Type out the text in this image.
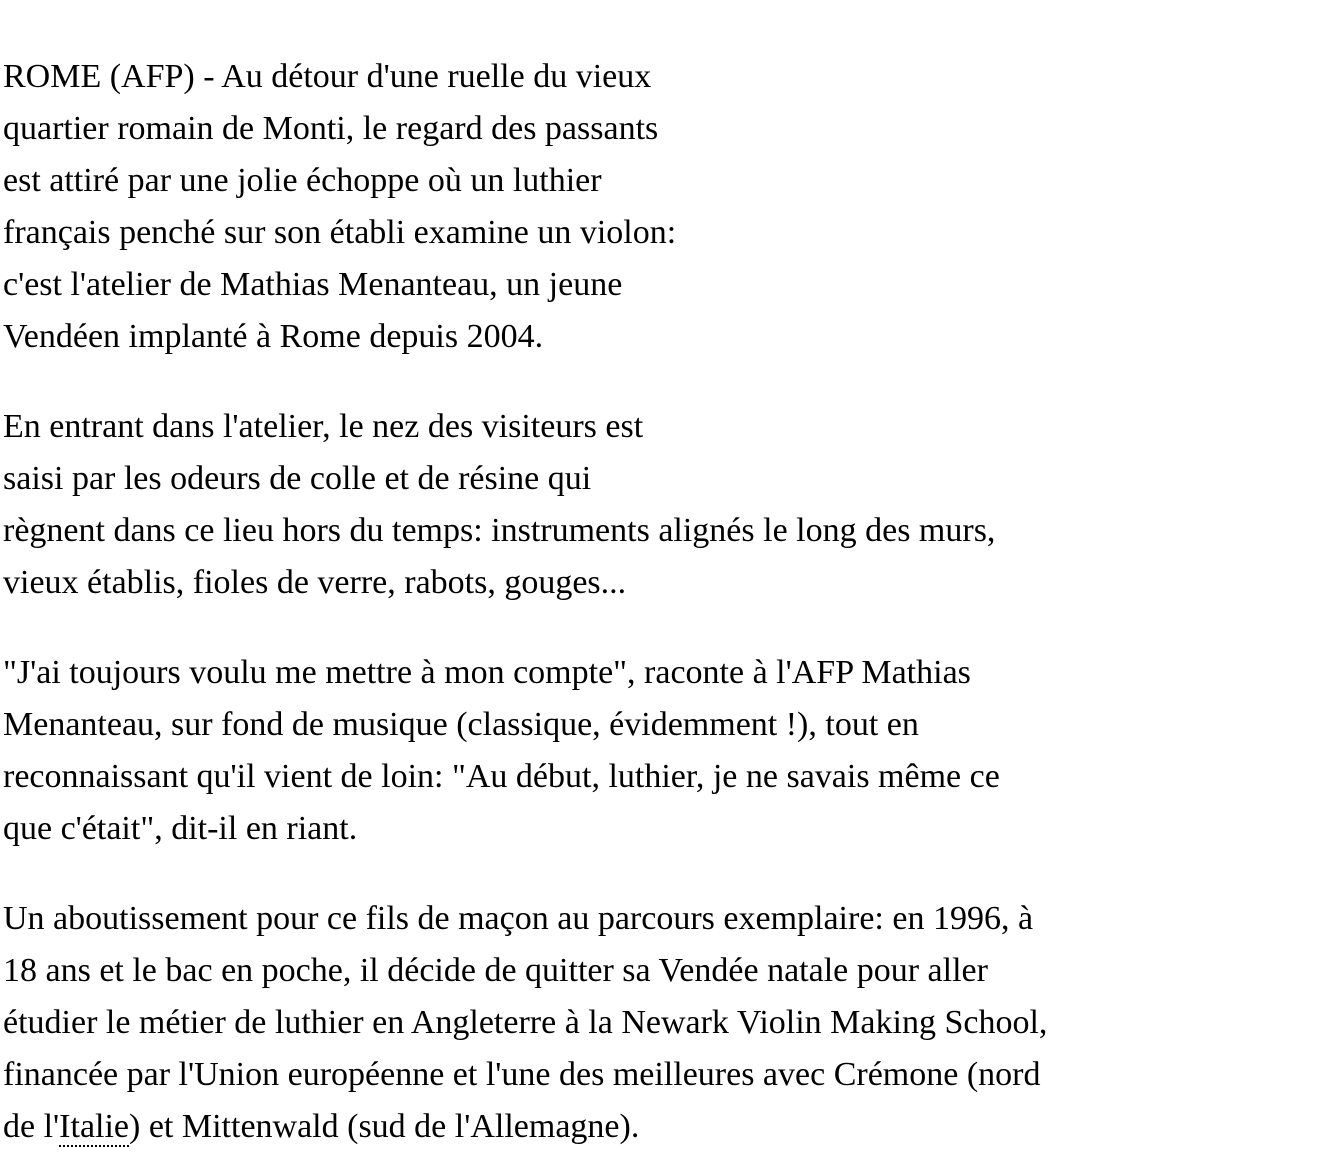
ROME (AFP) - Au détour d'une ruelle du vieux
quartier romain de Monti, le regard des passants
est attiré par une jolie échoppe où un luthier
français penché sur son établi examine un violon:
c'est l'atelier de Mathias Menanteau, un jeune
Vendéen implanté à Rome depuis 2004.

En entrant dans l'atelier, le nez des visiteurs est
saisi par les odeurs de colle et de résine qui
règnent dans ce lieu hors du temps: instruments alignés le long des murs,
vieux établis, fioles de verre, rabots, gouges...

"J'ai toujours voulu me mettre à mon compte", raconte à l'AFP Mathias
Menanteau, sur fond de musique (classique, évidemment !), tout en
reconnaissant qu'il vient de loin: "Au début, luthier, je ne savais même ce
que c'était", dit-il en riant.

Un aboutissement pour ce fils de maçon au parcours exemplaire: en 1996, à
18 ans et le bac en poche, il décide de quitter sa Vendée natale pour aller
étudier le métier de luthier en Angleterre à la Newark Violin Making School,
financée par l'Union européenne et l'une des meilleures avec Crémone (nord
de l'Italie) et Mittenwald (sud de l'Allemagne).
